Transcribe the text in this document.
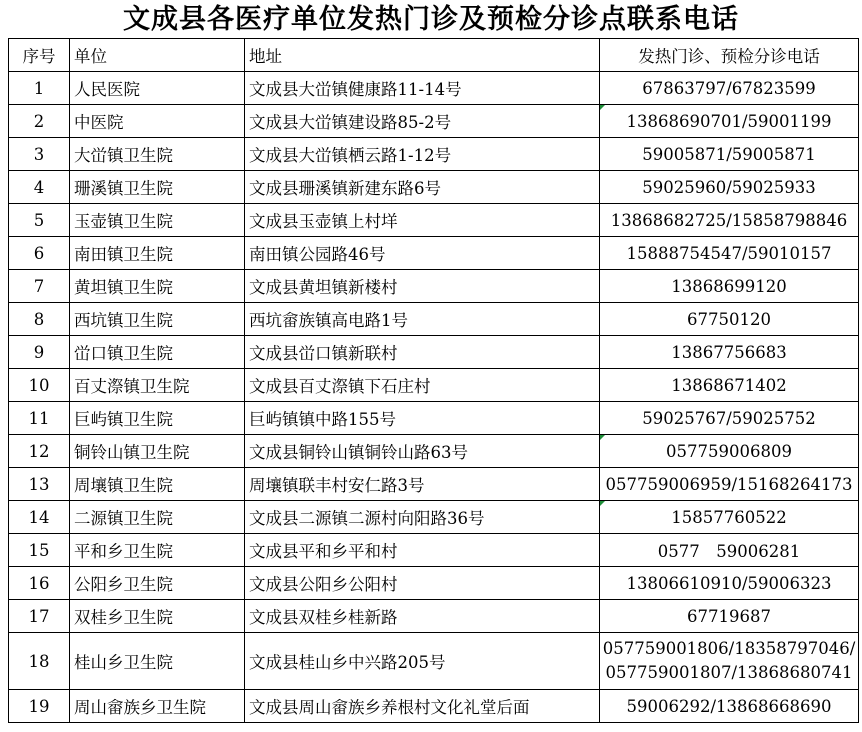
文成县各医疗单位发热门诊及预检分诊点联系电话
序号	单位	地址	发热门诊、预检分诊电话
1	人民医院	文成县大峃镇健康路11-14号	67863797/67823599
2	中医院	文成县大峃镇建设路85-2号	13868690701/59001199
3	大峃镇卫生院	文成县大峃镇栖云路1-12号	59005871/59005871
4	珊溪镇卫生院	文成县珊溪镇新建东路6号	59025960/59025933
5	玉壶镇卫生院	文成县玉壶镇上村垟	13868682725/15858798846
6	南田镇卫生院	南田镇公园路46号	15888754547/59010157
7	黄坦镇卫生院	文成县黄坦镇新楼村	13868699120
8	西坑镇卫生院	西坑畲族镇高电路1号	67750120
9	峃口镇卫生院	文成县峃口镇新联村	13867756683
10	百丈漈镇卫生院	文成县百丈漈镇下石庄村	13868671402
11	巨屿镇卫生院	巨屿镇镇中路155号	59025767/59025752
12	铜铃山镇卫生院	文成县铜铃山镇铜铃山路63号	057759006809
13	周壤镇卫生院	周壤镇联丰村安仁路3号	057759006959/15168264173
14	二源镇卫生院	文成县二源镇二源村向阳路36号	15857760522
15	平和乡卫生院	文成县平和乡平和村	0577　59006281
16	公阳乡卫生院	文成县公阳乡公阳村	13806610910/59006323
17	双桂乡卫生院	文成县双桂乡桂新路	67719687
18	桂山乡卫生院	文成县桂山乡中兴路205号	057759001806/18358797046/
057759001807/13868680741

19	周山畲族乡卫生院	文成县周山畲族乡养根村文化礼堂后面	59006292/13868668690
